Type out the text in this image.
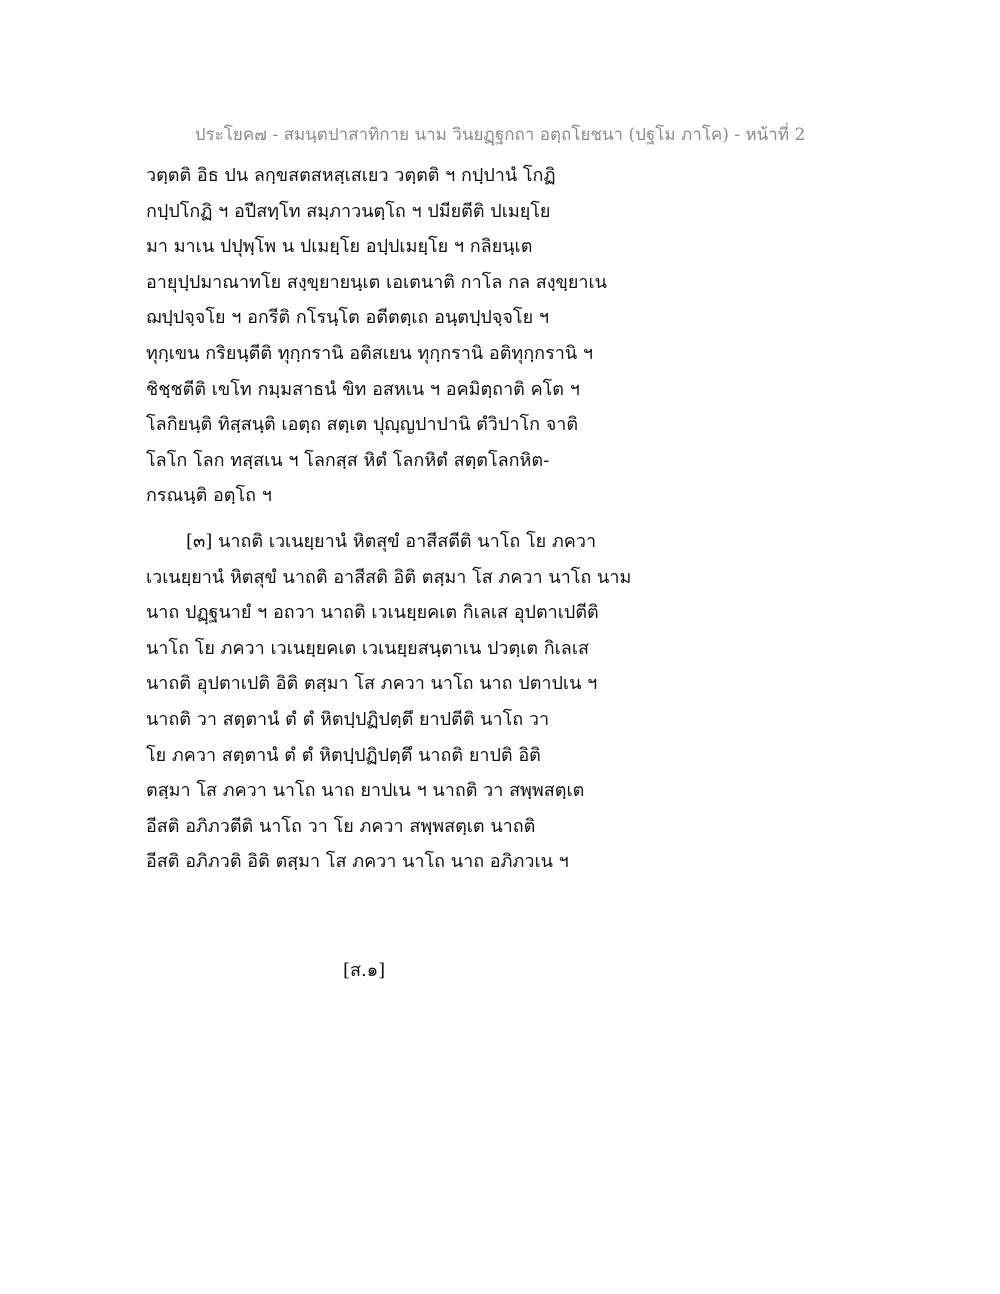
ประโยค๗ - สมนฺตปาสาทิกาย นาม วินยฏฺฐกถา อตฺถโยชนา (ปฐโม ภาโค) - หน้าที่ 2
วตฺตติ อิธ ปน ลกฺขสตสหสฺเสเยว วตฺตติ ฯ กปฺปานํ โกฏิ
กปฺปโกฏิ ฯ อปีสทฺโท สมฺภาวนตฺโถ ฯ ปมียตีติ ปเมยฺโย
มา มาเน ปปุพฺโพ น ปเมยฺโย อปฺปเมยฺโย ฯ กลิยนฺเต
อายุปฺปมาณาทโย สงฺขฺยายนฺเต เอเตนาติ กาโล กล สงฺขฺยาเน
ฌปฺปจฺจโย ฯ อกรีติ กโรนฺโต อตีตตฺเถ อนฺตปฺปจฺจโย ฯ
ทุกฺเขน กริยนฺตีติ ทุกฺกรานิ อติสเยน ทุกฺกรานิ อติทุกฺกรานิ ฯ
ชิชฺชตีติ เขโท กมฺมสาธนํ ขิท อสหเน ฯ อคมิตฺถาติ คโต ฯ
โลกิยนฺติ ทิสฺสนฺติ เอตฺถ สตฺเต ปุญฺญปาปานิ ตํวิปาโก จาติ
โลโก โลก ทสฺสเน ฯ โลกสฺส หิตํ โลกหิตํ สตฺตโลกหิต-
กรณนฺติ อตฺโถ ฯ
[๓] นาถติ เวเนยฺยานํ หิตสุขํ อาสีสตีติ นาโถ โย ภควา
เวเนยฺยานํ หิตสุขํ นาถติ อาสีสติ อิติ ตสฺมา โส ภควา นาโถ นาม
นาถ ปฏฺฐนายํ ฯ อถวา นาถติ เวเนยฺยคเต กิเลเส อุปตาเปตีติ
นาโถ โย ภควา เวเนยฺยคเต เวเนยฺยสนฺตาเน ปวตฺเต กิเลเส
นาถติ อุปตาเปติ อิติ ตสฺมา โส ภควา นาโถ นาถ ปตาปเน ฯ
นาถติ วา สตฺตานํ ตํ ตํ หิตปฺปฏิปตฺตึ ยาปตีติ นาโถ วา
โย ภควา สตฺตานํ ตํ ตํ หิตปฺปฏิปตฺตึ นาถติ ยาปติ อิติ
ตสฺมา โส ภควา นาโถ นาถ ยาปเน ฯ นาถติ วา สพฺพสตฺเต
อีสติ อภิภวตีติ นาโถ วา โย ภควา สพฺพสตฺเต นาถติ
อีสติ อภิภวติ อิติ ตสฺมา โส ภควา นาโถ นาถ อภิภวเน ฯ
[ส.๑]
